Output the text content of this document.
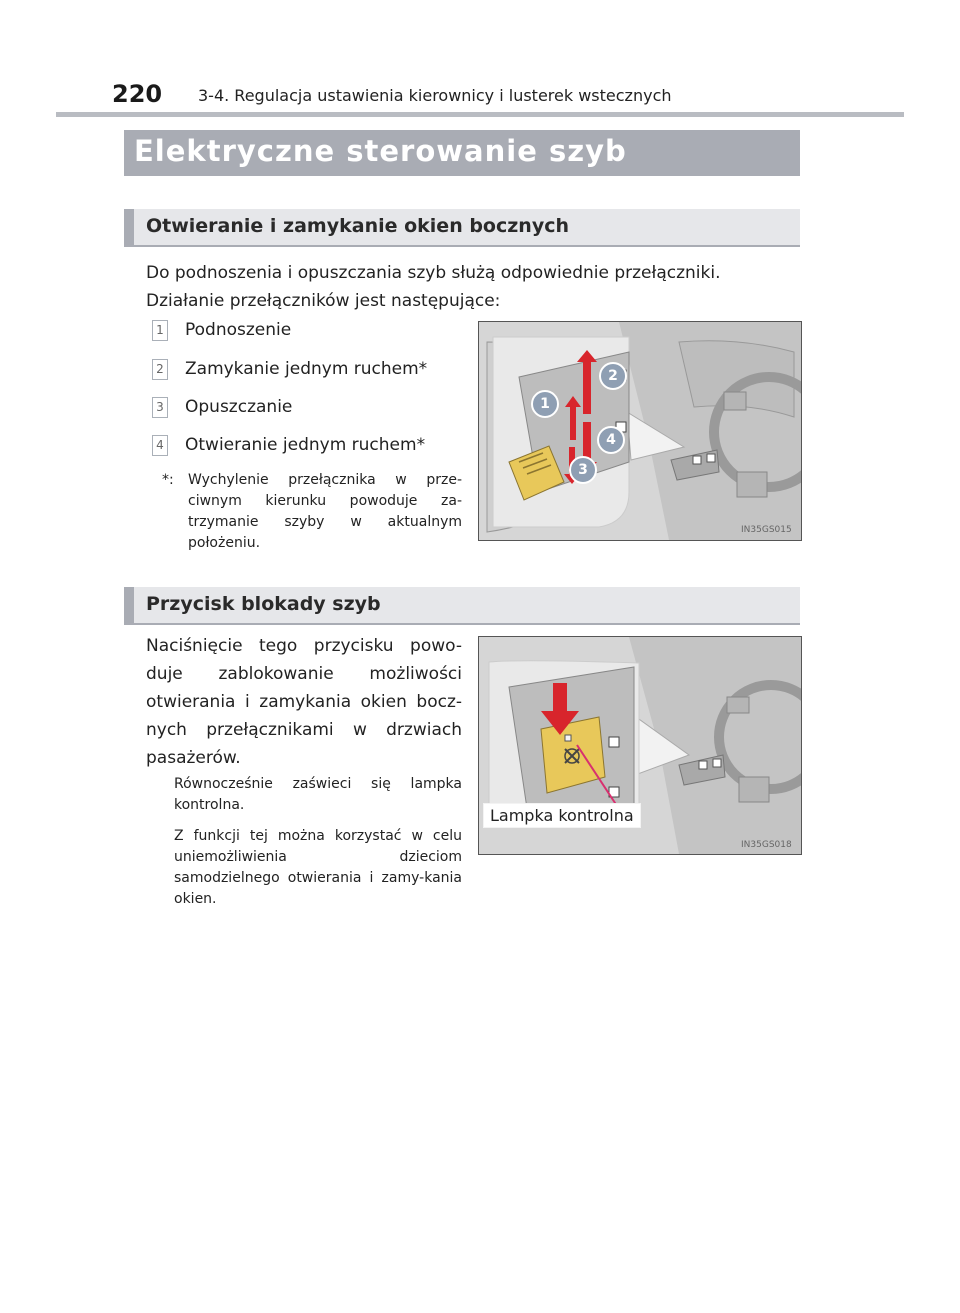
220 3-4. Regulacja ustawienia kierownicy i lusterek wstecznych
Elektryczne sterowanie szyb
Otwieranie i zamykanie okien bocznych
Do podnoszenia i opuszczania szyb służą odpowiednie przełączniki.
Działanie przełączników jest następujące:
1 Podnoszenie
2 Zamykanie jednym ruchem*
3 Opuszczanie
4 Otwieranie jednym ruchem*
*:	Wychylenie przełącznika w prze-ciwnym kierunku powoduje za-trzymanie szyby w aktualnym położeniu.
1
2
3
4
IN35GS015
Przycisk blokady szyb
Naciśnięcie tego przycisku powo-duje zablokowanie możliwości otwierania i zamykania okien bocz-nych przełącznikami w drzwiach pasażerów.
Równocześnie zaświeci się lampka kontrolna.
Z funkcji tej można korzystać w celu uniemożliwienia dzieciom samodzielnego otwierania i zamy-kania okien.
Lampka kontrolna
IN35GS018
